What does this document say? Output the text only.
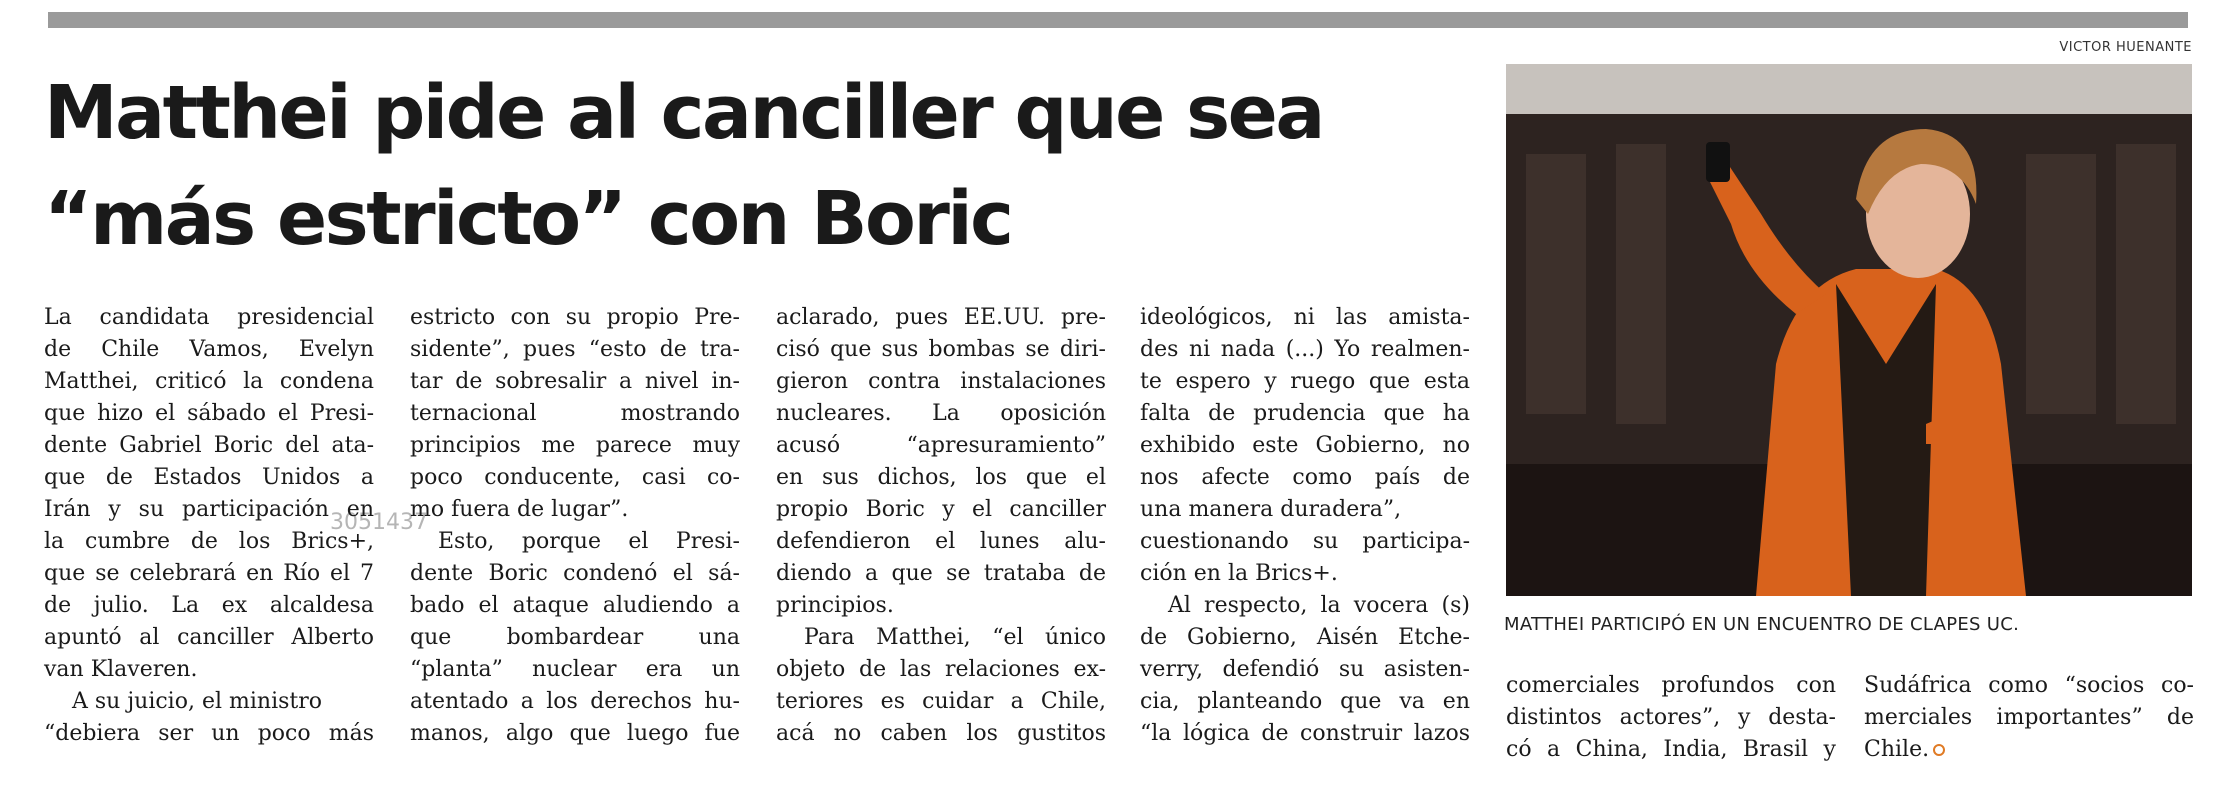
Matthei pide al canciller que sea
“más estricto” con Boric
VICTOR HUENANTE
MATTHEI PARTICIPÓ EN UN ENCUENTRO DE CLAPES UC.
3051437
La candidata presidencial
de Chile Vamos, Evelyn
Matthei, criticó la condena
que hizo el sábado el Presi-
dente Gabriel Boric del ata-
que de Estados Unidos a
Irán y su participación en
la cumbre de los Brics+,
que se celebrará en Río el 7
de julio. La ex alcaldesa
apuntó al canciller Alberto
van Klaveren.
A su juicio, el ministro
“debiera ser un poco más
estricto con su propio Pre-
sidente”, pues “esto de tra-
tar de sobresalir a nivel in-
ternacional mostrando
principios me parece muy
poco conducente, casi co-
mo fuera de lugar”.
Esto, porque el Presi-
dente Boric condenó el sá-
bado el ataque aludiendo a
que bombardear una
“planta” nuclear era un
atentado a los derechos hu-
manos, algo que luego fue
aclarado, pues EE.UU. pre-
cisó que sus bombas se diri-
gieron contra instalaciones
nucleares. La oposición
acusó “apresuramiento”
en sus dichos, los que el
propio Boric y el canciller
defendieron el lunes alu-
diendo a que se trataba de
principios.
Para Matthei, “el único
objeto de las relaciones ex-
teriores es cuidar a Chile,
acá no caben los gustitos
ideológicos, ni las amista-
des ni nada (...) Yo realmen-
te espero y ruego que esta
falta de prudencia que ha
exhibido este Gobierno, no
nos afecte como país de
una manera duradera”,
cuestionando su participa-
ción en la Brics+.
Al respecto, la vocera (s)
de Gobierno, Aisén Etche-
verry, defendió su asisten-
cia, planteando que va en
“la lógica de construir lazos
comerciales profundos con
distintos actores”, y desta-
có a China, India, Brasil y
Sudáfrica como “socios co-
merciales importantes” de
Chile.
